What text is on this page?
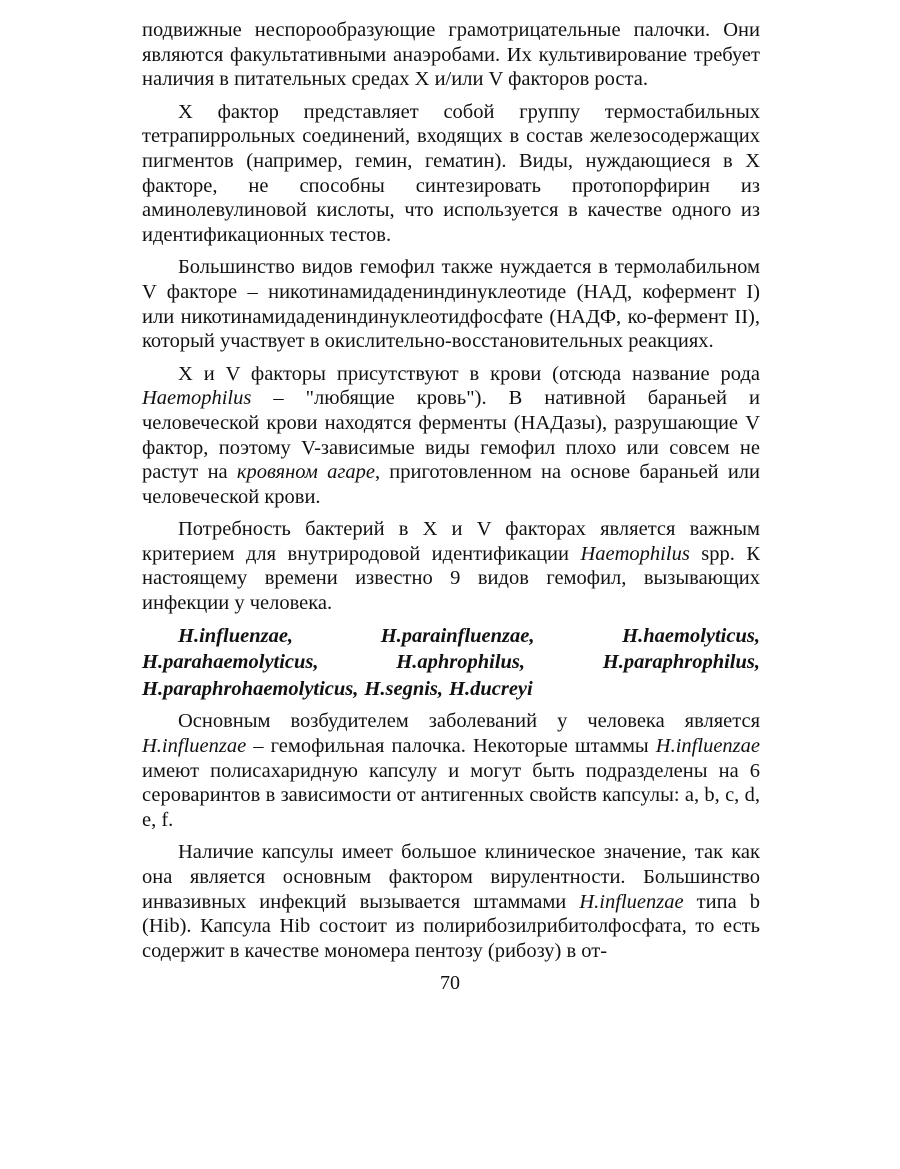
подвижные неспорообразующие грамотрицательные палочки. Они являются факультативными анаэробами. Их культивирование требует наличия в питательных средах X и/или V факторов роста.

X фактор представляет собой группу термостабильных тетрапиррольных соединений, входящих в состав железосодержащих пигментов (например, гемин, гематин). Виды, нуждающиеся в X факторе, не способны синтезировать протопорфирин из аминолевулиновой кислоты, что используется в качестве одного из идентификационных тестов.

Большинство видов гемофил также нуждается в термолабильном V факторе – никотинамидадениндинуклеотиде (НАД, кофермент I) или никотинамидадениндинуклеотидфосфате (НАДФ, ко-фермент II), который участвует в окислительно-восстановительных реакциях.

X и V факторы присутствуют в крови (отсюда название рода Haemophilus – "любящие кровь"). В нативной бараньей и человеческой крови находятся ферменты (НАДазы), разрушающие V фактор, поэтому V-зависимые виды гемофил плохо или совсем не растут на кровяном агаре, приготовленном на основе бараньей или человеческой крови.

Потребность бактерий в X и V факторах является важным критерием для внутриродовой идентификации Haemophilus spp. К настоящему времени известно 9 видов гемофил, вызывающих инфекции у человека.

H.influenzae,	H.parainfluenzae,	H.haemolyticus,
H.parahaemolyticus,	H.aphrophilus,	H.paraphrophilus,
H.paraphrohaemolyticus, H.segnis, H.ducreyi

Основным возбудителем заболеваний у человека является H.influenzae – гемофильная палочка. Некоторые штаммы H.influenzae имеют полисахаридную капсулу и могут быть подразделены на 6 сероваринтов в зависимости от антигенных свойств капсулы: a, b, c, d, e, f.

Наличие капсулы имеет большое клиническое значение, так как она является основным фактором вирулентности. Большинство инвазивных инфекций вызывается штаммами H.influenzae типа b (Hib). Капсула Hib состоит из полирибозилрибитолфосфата, то есть содержит в качестве мономера пентозу (рибозу) в от-

70
